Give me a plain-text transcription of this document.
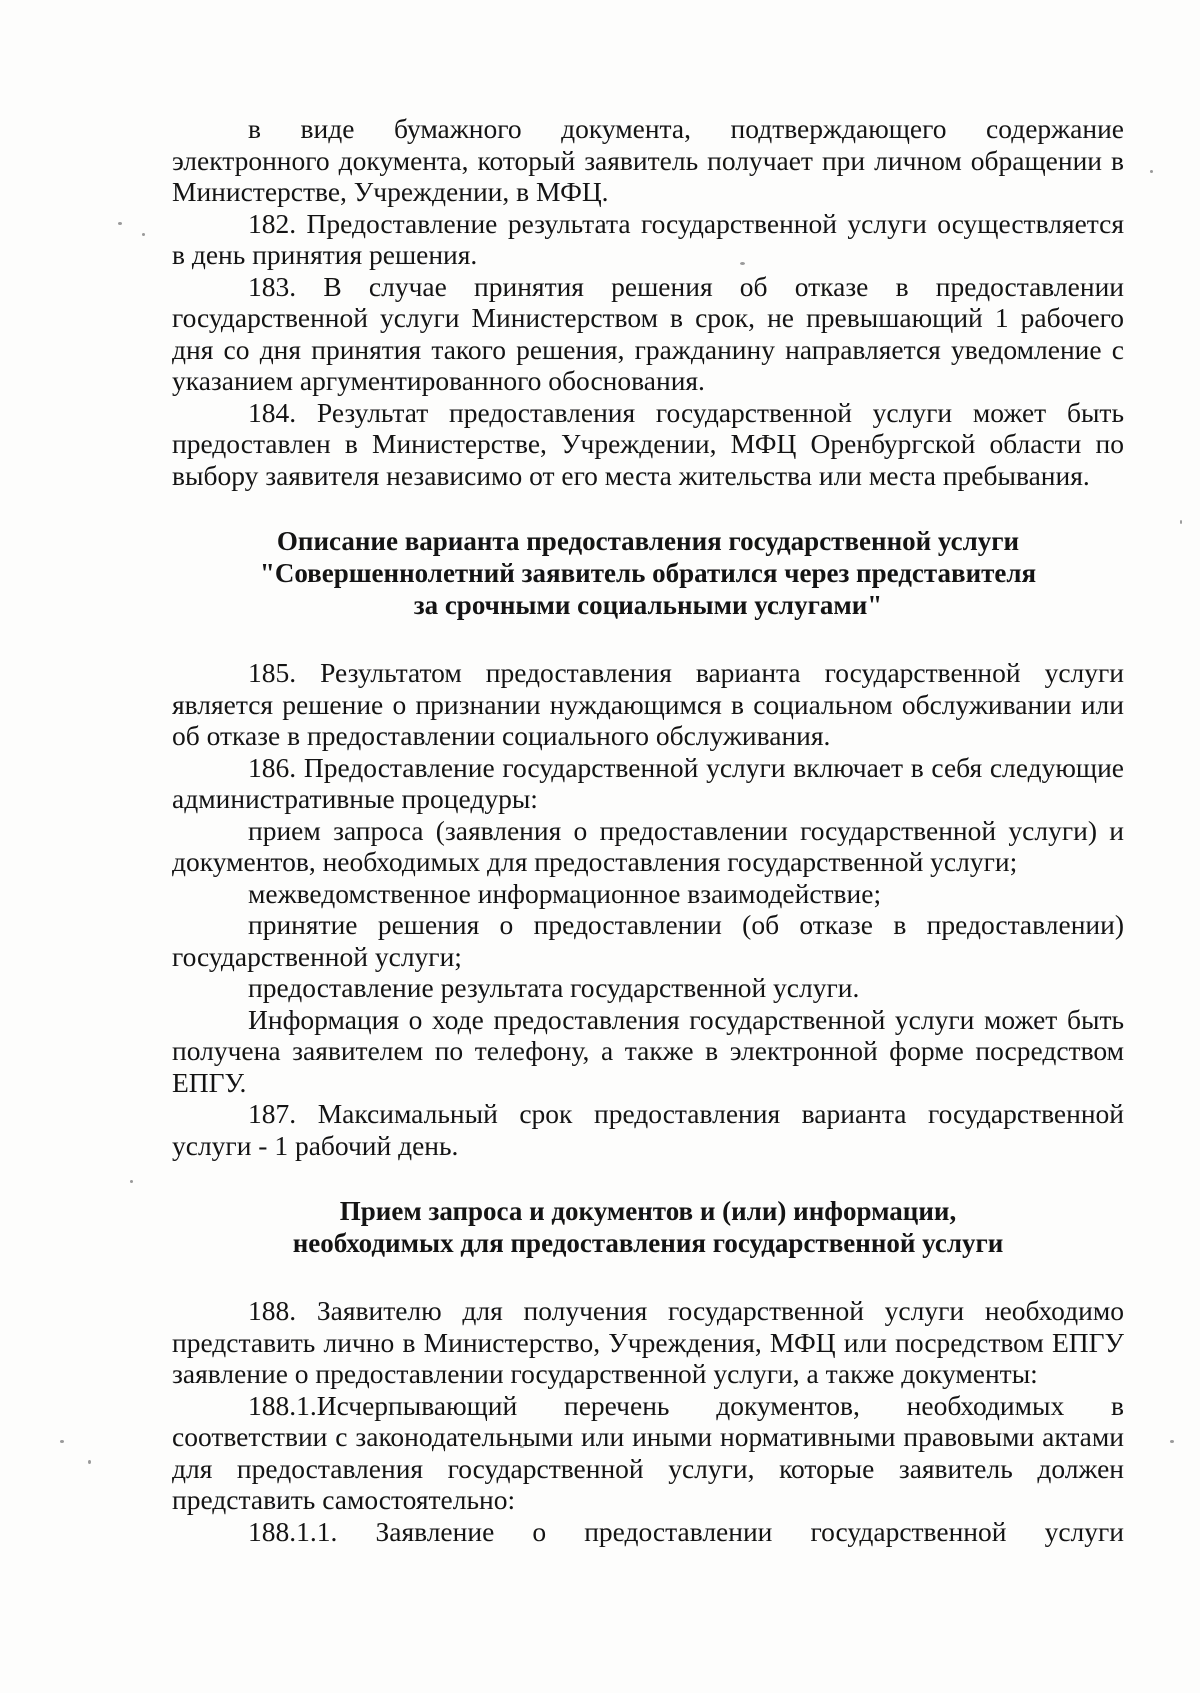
в виде бумажного документа, подтверждающего содержание электронного документа, который заявитель получает при личном обращении в Министерстве, Учреждении, в МФЦ.

182. Предоставление результата государственной услуги осуществляется в день принятия решения.

183. В случае принятия решения об отказе в предоставлении государственной услуги Министерством в срок, не превышающий 1 рабочего дня со дня принятия такого решения, гражданину направляется уведомление с указанием аргументированного обоснования.

184. Результат предоставления государственной услуги может быть предоставлен в Министерстве, Учреждении, МФЦ Оренбургской области по выбору заявителя независимо от его места жительства или места пребывания.

Описание варианта предоставления государственной услуги

"Совершеннолетний заявитель обратился через представителя

за срочными социальными услугами"

185. Результатом предоставления варианта государственной услуги является решение о признании нуждающимся в социальном обслуживании или об отказе в предоставлении социального обслуживания.

186. Предоставление государственной услуги включает в себя следующие административные процедуры:

прием запроса (заявления о предоставлении государственной услуги) и документов, необходимых для предоставления государственной услуги;

межведомственное информационное взаимодействие;

принятие решения о предоставлении (об отказе в предоставлении) государственной услуги;

предоставление результата государственной услуги.

Информация о ходе предоставления государственной услуги может быть получена заявителем по телефону, а также в электронной форме посредством ЕПГУ.

187. Максимальный срок предоставления варианта государственной услуги - 1 рабочий день.

Прием запроса и документов и (или) информации,

необходимых для предоставления государственной услуги

188. Заявителю для получения государственной услуги необходимо представить лично в Министерство, Учреждения, МФЦ или посредством ЕПГУ заявление о предоставлении государственной услуги, а также документы:

188.1.Исчерпывающий перечень документов, необходимых в соответствии с законодательными или иными нормативными правовыми актами для предоставления государственной услуги, которые заявитель должен представить самостоятельно:

188.1.1. Заявление о предоставлении государственной услуги
